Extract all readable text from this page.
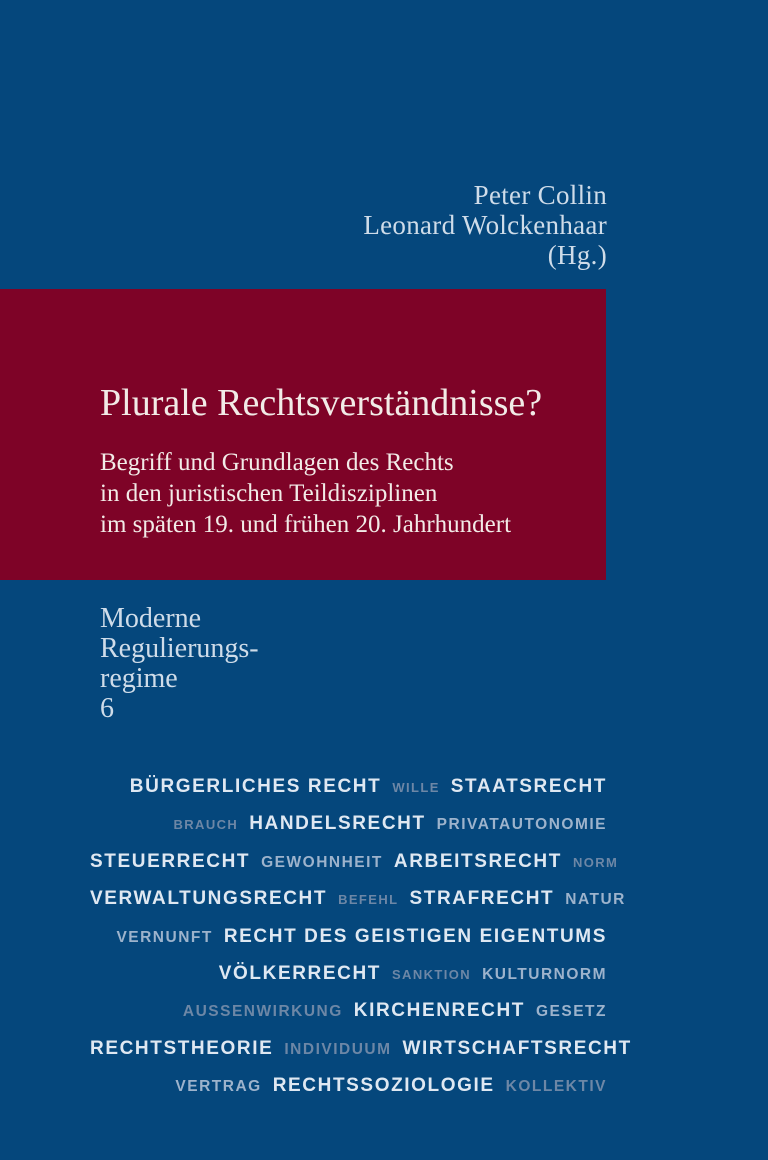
Peter Collin
Leonard Wolckenhaar
(Hg.)
Plurale Rechtsverständnisse?
Begriff und Grundlagen des Rechts
in den juristischen Teildisziplinen
im späten 19. und frühen 20. Jahrhundert
Moderne
Regulierungs-
regime
6
BÜRGERLICHES RECHT WILLE STAATSRECHT
BRAUCH HANDELSRECHT PRIVATAUTONOMIE
STEUERRECHT GEWOHNHEIT ARBEITSRECHT NORM
VERWALTUNGSRECHT BEFEHL STRAFRECHT NATUR
VERNUNFT RECHT DES GEISTIGEN EIGENTUMS
VÖLKERRECHT SANKTION KULTURNORM
AUSSENWIRKUNG KIRCHENRECHT GESETZ
RECHTSTHEORIE INDIVIDUUM WIRTSCHAFTSRECHT
VERTRAG RECHTSSOZIOLOGIE KOLLEKTIV
